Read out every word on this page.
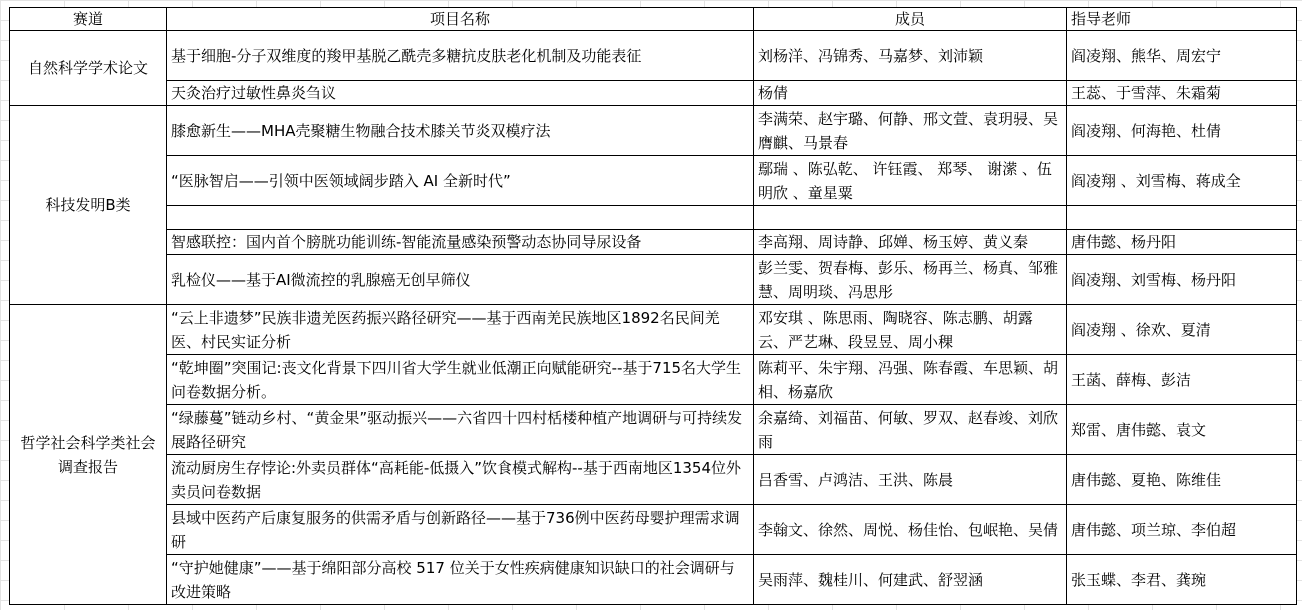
赛道	项目名称	成员	指导老师
自然科学学术论文	基于细胞-分子双维度的羧甲基脱乙酰壳多糖抗皮肤老化机制及功能表征	刘杨洋、冯锦秀、马嘉梦、刘沛颖	阎凌翔、熊华、周宏宁
	天灸治疗过敏性鼻炎刍议	杨倩	王蕊、于雪萍、朱霜菊
科技发明B类	膝愈新生——MHA壳聚糖生物融合技术膝关节炎双模疗法	李满荣、赵宇璐、何静、邢文萱、袁玥骎、吴膺麒、马景春	阎凌翔、何海艳、杜倩
	“医脉智启——引领中医领域阔步踏入 AI 全新时代”	鄢瑞 、陈弘乾、 许钰霞、 郑琴、 谢潆 、伍明欣 、童星粟	阎凌翔 、刘雪梅、蒋成全

	智感联控：国内首个膀胱功能训练-智能流量感染预警动态协同导尿设备	李高翔、周诗静、邱婵、杨玉婷、黄义秦	唐伟懿、杨丹阳
	乳检仪——基于AI微流控的乳腺癌无创早筛仪	彭兰雯、贺春梅、彭乐、杨再兰、杨真、邹雅慧、周明琰、冯思彤	阎凌翔、刘雪梅、杨丹阳
哲学社会科学类社会调查报告	“云上非遗梦”民族非遗羌医药振兴路径研究——基于西南羌民族地区1892名民间羌医、村民实证分析	邓安琪 、陈思雨、陶晓容、陈志鹏、胡露云、严艺琳、段昱昱、周小稞	阎凌翔 、徐欢、夏清
	“乾坤圈”突围记:丧文化背景下四川省大学生就业低潮正向赋能研究--基于715名大学生问卷数据分析。	陈莉平、朱宇翔、冯强、陈春霞、车思颖、胡相、杨嘉欣	王菡、薛梅、彭洁
	“绿藤蔓”链动乡村、“黄金果”驱动振兴——六省四十四村栝楼种植产地调研与可持续发展路径研究	余嘉绮、刘福苗、何敏、罗双、赵春竣、刘欣雨	郑雷、唐伟懿、袁文
	流动厨房生存悖论:外卖员群体“高耗能-低摄入”饮食模式解构--基于西南地区1354位外卖员问卷数据	吕香雪、卢鸿洁、王洪、陈晨	唐伟懿、夏艳、陈维佳
	县域中医药产后康复服务的供需矛盾与创新路径——基于736例中医药母婴护理需求调研	李翰文、徐然、周悦、杨佳怡、包岷艳、吴倩	唐伟懿、项兰琼、李伯超
	“守护她健康”——基于绵阳部分高校 517 位关于女性疾病健康知识缺口的社会调研与改进策略	吴雨萍、魏桂川、何建武、舒翌涵	张玉蝶、李君、龚琬
